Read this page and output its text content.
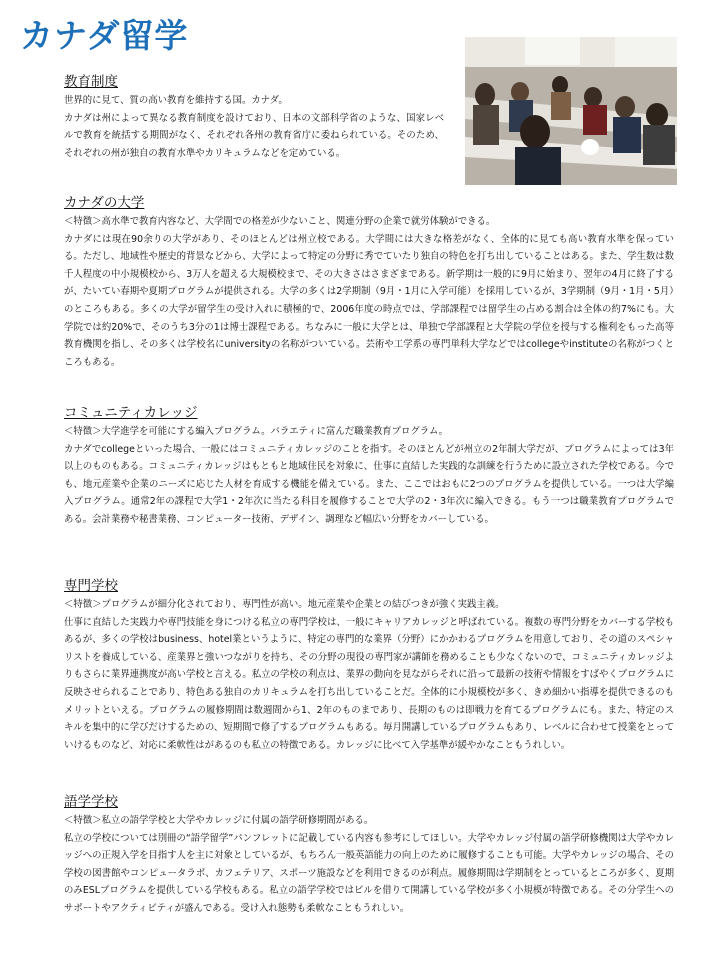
カナダ留学
教育制度

世界的に見て、質の高い教育を維持する国。カナダ。

カナダは州によって異なる教育制度を設けており、日本の文部科学省のような、国家レベルで教育を統括する期間がなく、それぞれ各州の教育省庁に委ねられている。そのため、それぞれの州が独自の教育水準やカリキュラムなどを定めている。

カナダの大学

＜特徴＞高水準で教育内容など、大学間での格差が少ないこと、関連分野の企業で就労体験ができる。

カナダには現在90余りの大学があり、そのほとんどは州立校である。大学間には大きな格差がなく、全体的に見ても高い教育水準を保っている。ただし、地域性や歴史的背景などから、大学によって特定の分野に秀でていたり独自の特色を打ち出していることはある。また、学生数は数千人程度の中小規模校から、3万人を超える大規模校まで、その大きさはさまざまである。新学期は一般的に9月に始まり、翌年の4月に終了するが、たいてい春期や夏期プログラムが提供される。大学の多くは2学期制（9月・1月に入学可能）を採用しているが、3学期制（9月・1月・5月）のところもある。多くの大学が留学生の受け入れに積極的で、2006年度の時点では、学部課程では留学生の占める割合は全体の約7%にも。大学院では約20%で、そのうち3分の1は博士課程である。ちなみに一般に大学とは、単独で学部課程と大学院の学位を授与する権利をもった高等教育機関を指し、その多くは学校名にuniversityの名称がついている。芸術や工学系の専門単科大学などではcollegeやinstituteの名称がつくところもある。

コミュニティカレッジ

＜特徴＞大学進学を可能にする編入プログラム。バラエティに富んだ職業教育プログラム。

カナダでcollegeといった場合、一般にはコミュニティカレッジのことを指す。そのほとんどが州立の2年制大学だが、プログラムによっては3年以上のものもある。コミュニティカレッジはもともと地域住民を対象に、仕事に直結した実践的な訓練を行うために設立された学校である。今でも、地元産業や企業のニーズに応じた人材を育成する機能を備えている。また、ここではおもに2つのプログラムを提供している。一つは大学編入プログラム。通常2年の課程で大学1・2年次に当たる科目を履修することで大学の2・3年次に編入できる。もう一つは職業教育プログラムである。会計業務や秘書業務、コンピューター技術、デザイン、調理など幅広い分野をカバーしている。

専門学校

＜特徴＞プログラムが細分化されており、専門性が高い。地元産業や企業との結びつきが強く実践主義。

仕事に直結した実践力や専門技能を身につける私立の専門学校は、一般にキャリアカレッジと呼ばれている。複数の専門分野をカバーする学校もあるが、多くの学校はbusiness、hotel業というように、特定の専門的な業界（分野）にかかわるプログラムを用意しており、その道のスペシャリストを養成している、産業界と強いつながりを持ち、その分野の現役の専門家が講師を務めることも少なくないので、コミュニティカレッジよりもさらに業界連携度が高い学校と言える。私立の学校の利点は、業界の動向を見ながらそれに沿って最新の技術や情報をすばやくプログラムに反映させられることであり、特色ある独自のカリキュラムを打ち出していることだ。全体的に小規模校が多く、きめ細かい指導を提供できるのもメリットといえる。プログラムの履修期間は数週間から1、2年のものまであり、長期のものは即戦力を育てるプログラムにも。また、特定のスキルを集中的に学びだけするための、短期間で修了するプログラムもある。毎月開講しているプログラムもあり、レベルに合わせて授業をとっていけるものなど、対応に柔軟性はがあるのも私立の特徴である。カレッジに比べて入学基準が緩やかなこともうれしい。

語学学校

＜特徴＞私立の語学学校と大学やカレッジに付属の語学研修期間がある。

私立の学校については別冊の“語学留学”パンフレットに記載している内容も参考にしてほしい。大学やカレッジ付属の語学研修機関は大学やカレッジへの正規入学を目指す人を主に対象としているが、もちろん一般英語能力の向上のために履修することも可能。大学やカレッジの場合、その学校の図書館やコンピュータラボ、カフェテリア、スポーツ施設などを利用できるのが利点。履修期間は学期制をとっているところが多く、夏期のみESLプログラムを提供している学校もある。私立の語学学校ではビルを借りて開講している学校が多く小規模が特徴である。その分学生へのサポートやアクティビティが盛んである。受け入れ態勢も柔軟なこともうれしい。
